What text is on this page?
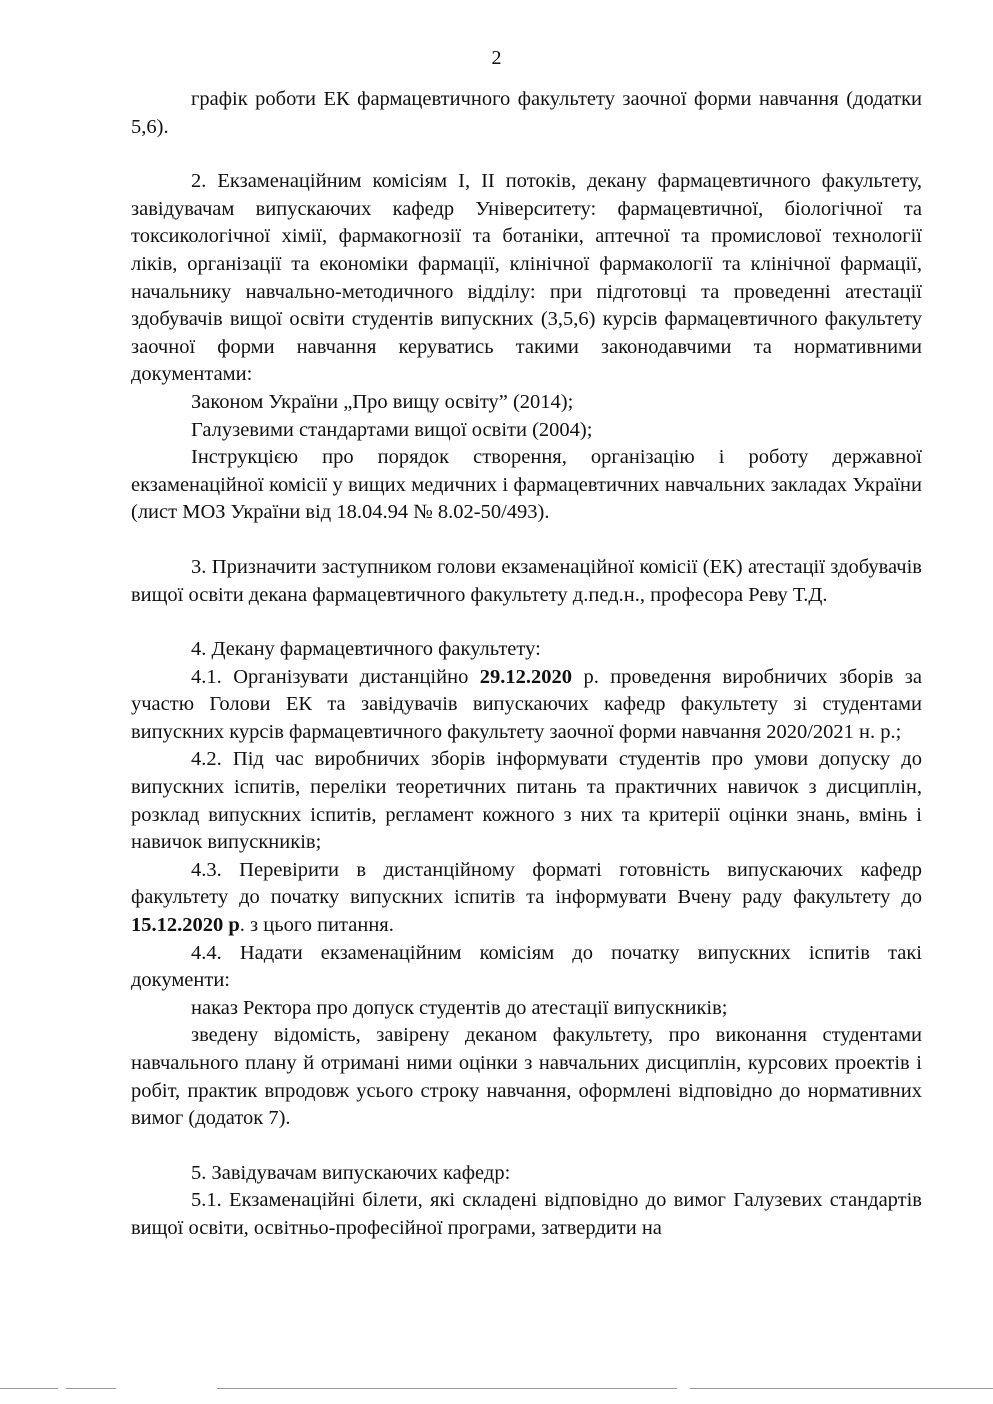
2

графік роботи ЕК фармацевтичного факультету заочної форми навчання (додатки 5,6).

2. Екзаменаційним комісіям I, II потоків, декану фармацевтичного факультету, завідувачам випускаючих кафедр Університету: фармацевтичної, біологічної та токсикологічної хімії, фармакогнозії та ботаніки, аптечної та промислової технології ліків, організації та економіки фармації, клінічної фармакології та клінічної фармації, начальнику навчально-методичного відділу: при підготовці та проведенні атестації здобувачів вищої освіти студентів випускних (3,5,6) курсів фармацевтичного факультету заочної форми навчання керуватись такими законодавчими та нормативними документами:

Законом України „Про вищу освіту” (2014);

Галузевими стандартами вищої освіти (2004);

Інструкцією про порядок створення, організацію і роботу державної екзаменаційної комісії у вищих медичних і фармацевтичних навчальних закладах України (лист МОЗ України від 18.04.94 № 8.02-50/493).

3. Призначити заступником голови екзаменаційної комісії (ЕК) атестації здобувачів вищої освіти декана фармацевтичного факультету д.пед.н., професора Реву Т.Д.

4. Декану фармацевтичного факультету:

4.1. Організувати дистанційно 29.12.2020 р. проведення виробничих зборів за участю Голови ЕК та завідувачів випускаючих кафедр факультету зі студентами випускних курсів фармацевтичного факультету заочної форми навчання 2020/2021 н. р.;

4.2. Під час виробничих зборів інформувати студентів про умови допуску до випускних іспитів, переліки теоретичних питань та практичних навичок з дисциплін, розклад випускних іспитів, регламент кожного з них та критерії оцінки знань, вмінь і навичок випускників;

4.3. Перевірити в дистанційному форматі готовність випускаючих кафедр факультету до початку випускних іспитів та інформувати Вчену раду факультету до 15.12.2020 р. з цього питання.

4.4. Надати екзаменаційним комісіям до початку випускних іспитів такі документи:

наказ Ректора про допуск студентів до атестації випускників;

зведену відомість, завірену деканом факультету, про виконання студентами навчального плану й отримані ними оцінки з навчальних дисциплін, курсових проектів і робіт, практик впродовж усього строку навчання, оформлені відповідно до нормативних вимог (додаток 7).

5. Завідувачам випускаючих кафедр:

5.1. Екзаменаційні білети, які складені відповідно до вимог Галузевих стандартів вищої освіти, освітньо-професійної програми, затвердити на
